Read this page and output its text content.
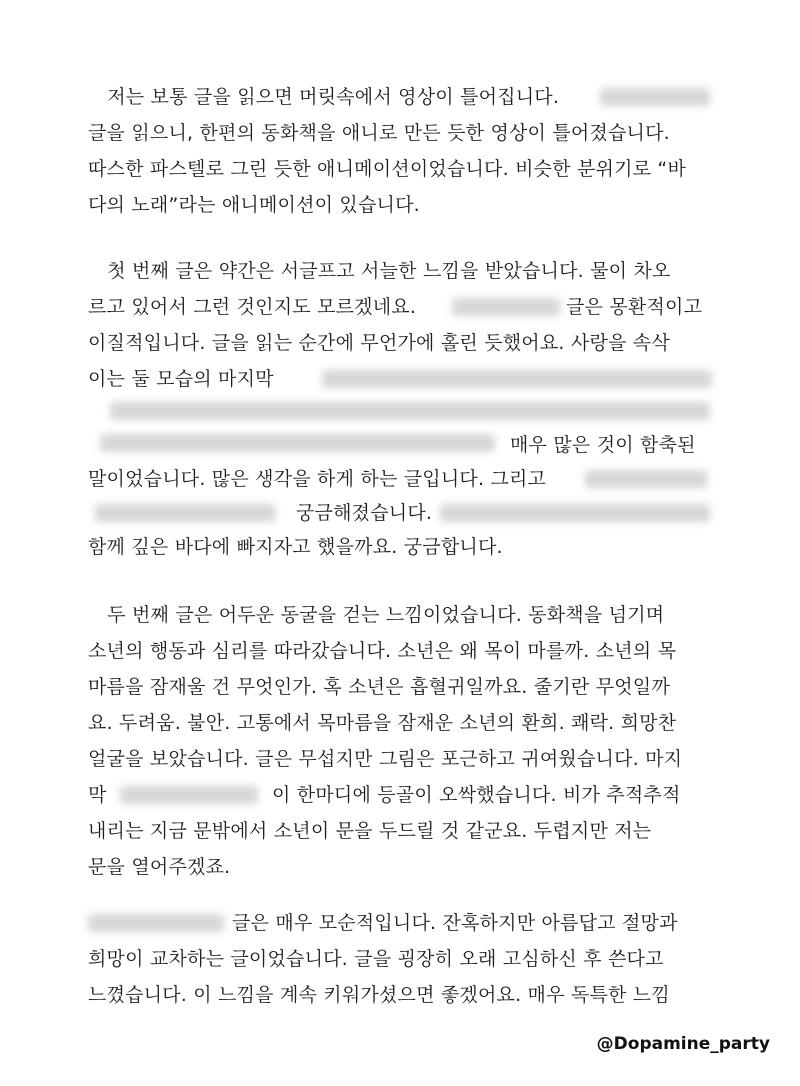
　저는 보통 글을 읽으면 머릿속에서 영상이 틀어집니다.
글을 읽으니, 한편의 동화책을 애니로 만든 듯한 영상이 틀어졌습니다.
따스한 파스텔로 그린 듯한 애니메이션이었습니다. 비슷한 분위기로 “바
다의 노래”라는 애니메이션이 있습니다.
　첫 번째 글은 약간은 서글프고 서늘한 느낌을 받았습니다. 물이 차오
르고 있어서 그런 것인지도 모르겠네요.	글은 몽환적이고
이질적입니다. 글을 읽는 순간에 무언가에 홀린 듯했어요. 사랑을 속삭
이는 둘 모습의 마지막
매우 많은 것이 함축된
말이었습니다. 많은 생각을 하게 하는 글입니다. 그리고
궁금해졌습니다.
함께 깊은 바다에 빠지자고 했을까요. 궁금합니다.
　두 번째 글은 어두운 동굴을 걷는 느낌이었습니다. 동화책을 넘기며
소년의 행동과 심리를 따라갔습니다. 소년은 왜 목이 마를까. 소년의 목
마름을 잠재울 건 무엇인가. 혹 소년은 흡혈귀일까요. 줄기란 무엇일까
요. 두려움. 불안. 고통에서 목마름을 잠재운 소년의 환희. 쾌락. 희망찬
얼굴을 보았습니다. 글은 무섭지만 그림은 포근하고 귀여웠습니다. 마지
막	이 한마디에 등골이 오싹했습니다. 비가 추적추적
내리는 지금 문밖에서 소년이 문을 두드릴 것 같군요. 두렵지만 저는
문을 열어주겠죠.
글은 매우 모순적입니다. 잔혹하지만 아름답고 절망과
희망이 교차하는 글이었습니다. 글을 굉장히 오래 고심하신 후 쓴다고
느꼈습니다. 이 느낌을 계속 키워가셨으면 좋겠어요. 매우 독특한 느낌
@Dopamine_party
